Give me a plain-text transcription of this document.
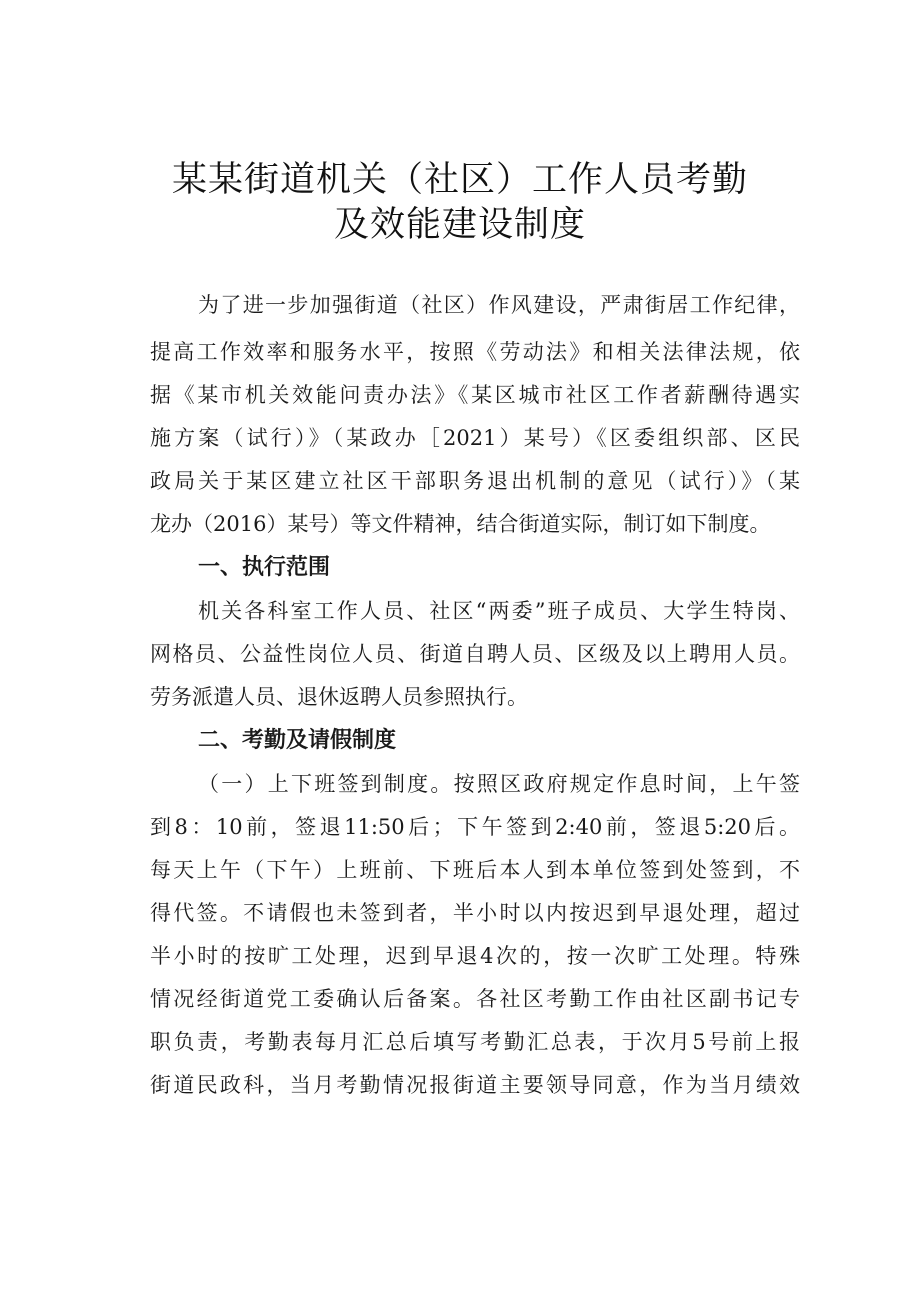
某某街道机关（社区）工作人员考勤
及效能建设制度
为了进一步加强街道（社区）作风建设，严肃街居工作纪律，
提高工作效率和服务水平，按照《劳动法》和相关法律法规，依
据《某市机关效能问责办法》《某区城市社区工作者薪酬待遇实
施方案（试行）》（某政办［2021）某号）《区委组织部、区民
政局关于某区建立社区干部职务退出机制的意见（试行）》（某
龙办（2016）某号）等文件精神，结合街道实际，制订如下制度。
一、执行范围
机关各科室工作人员、社区“两委”班子成员、大学生特岗、
网格员、公益性岗位人员、街道自聘人员、区级及以上聘用人员。
劳务派遣人员、退休返聘人员参照执行。
二、考勤及请假制度
（一）上下班签到制度。按照区政府规定作息时间，上午签
到8：10前，签退11:50后；下午签到2:40前，签退5:20后。
每天上午（下午）上班前、下班后本人到本单位签到处签到，不
得代签。不请假也未签到者，半小时以内按迟到早退处理，超过
半小时的按旷工处理，迟到早退4次的，按一次旷工处理。特殊
情况经街道党工委确认后备案。各社区考勤工作由社区副书记专
职负责，考勤表每月汇总后填写考勤汇总表，于次月5号前上报
街道民政科，当月考勤情况报街道主要领导同意，作为当月绩效
